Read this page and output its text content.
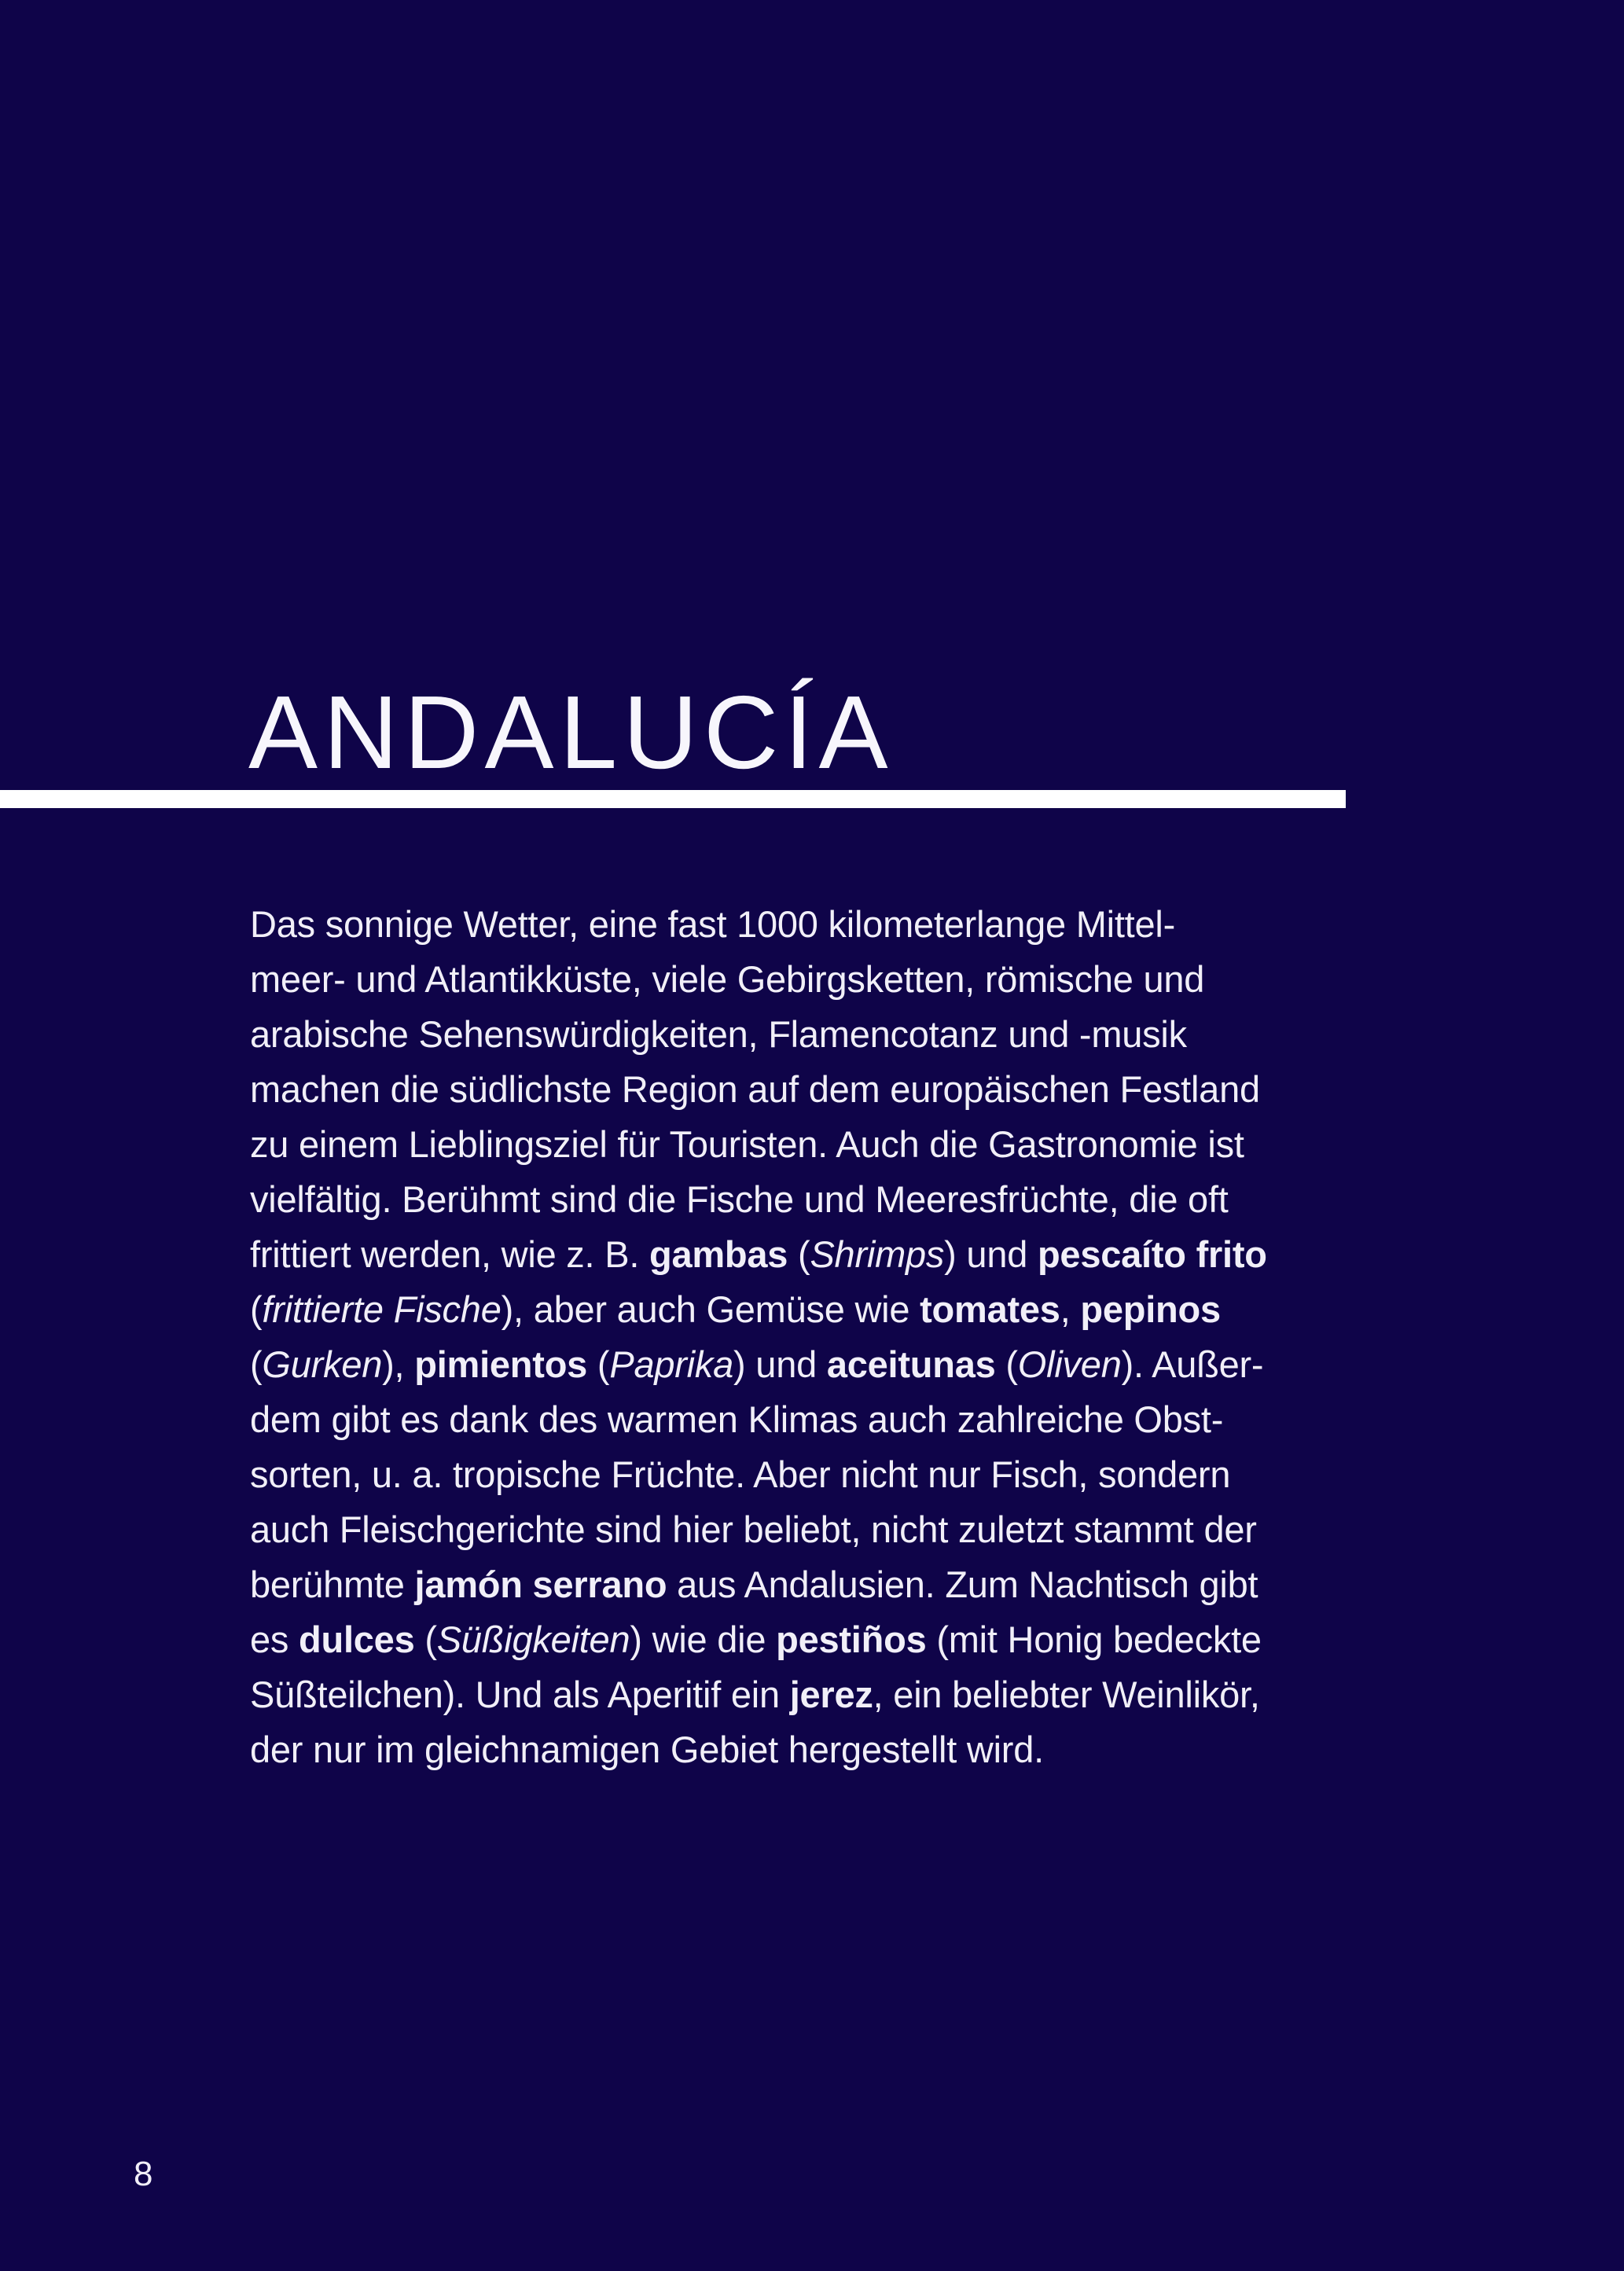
ANDALUCÍA
Das sonnige Wetter, eine fast 1000 kilometerlange Mittel-
meer- und Atlantikküste, viele Gebirgsketten, römische und
arabische Sehenswürdigkeiten, Flamencotanz und -musik
machen die südlichste Region auf dem europäischen Festland
zu einem Lieblingsziel für Touristen. Auch die Gastronomie ist
vielfältig. Berühmt sind die Fische und Meeresfrüchte, die oft
frittiert werden, wie z. B. gambas (Shrimps) und pescaíto frito
(frittierte Fische), aber auch Gemüse wie tomates, pepinos
(Gurken), pimientos (Paprika) und aceitunas (Oliven). Außer-
dem gibt es dank des warmen Klimas auch zahlreiche Obst-
sorten, u. a. tropische Früchte. Aber nicht nur Fisch, sondern
auch Fleischgerichte sind hier beliebt, nicht zuletzt stammt der
berühmte jamón serrano aus Andalusien. Zum Nachtisch gibt
es dulces (Süßigkeiten) wie die pestiños (mit Honig bedeckte
Süßteilchen). Und als Aperitif ein jerez, ein beliebter Weinlikör,
der nur im gleichnamigen Gebiet hergestellt wird.
8
